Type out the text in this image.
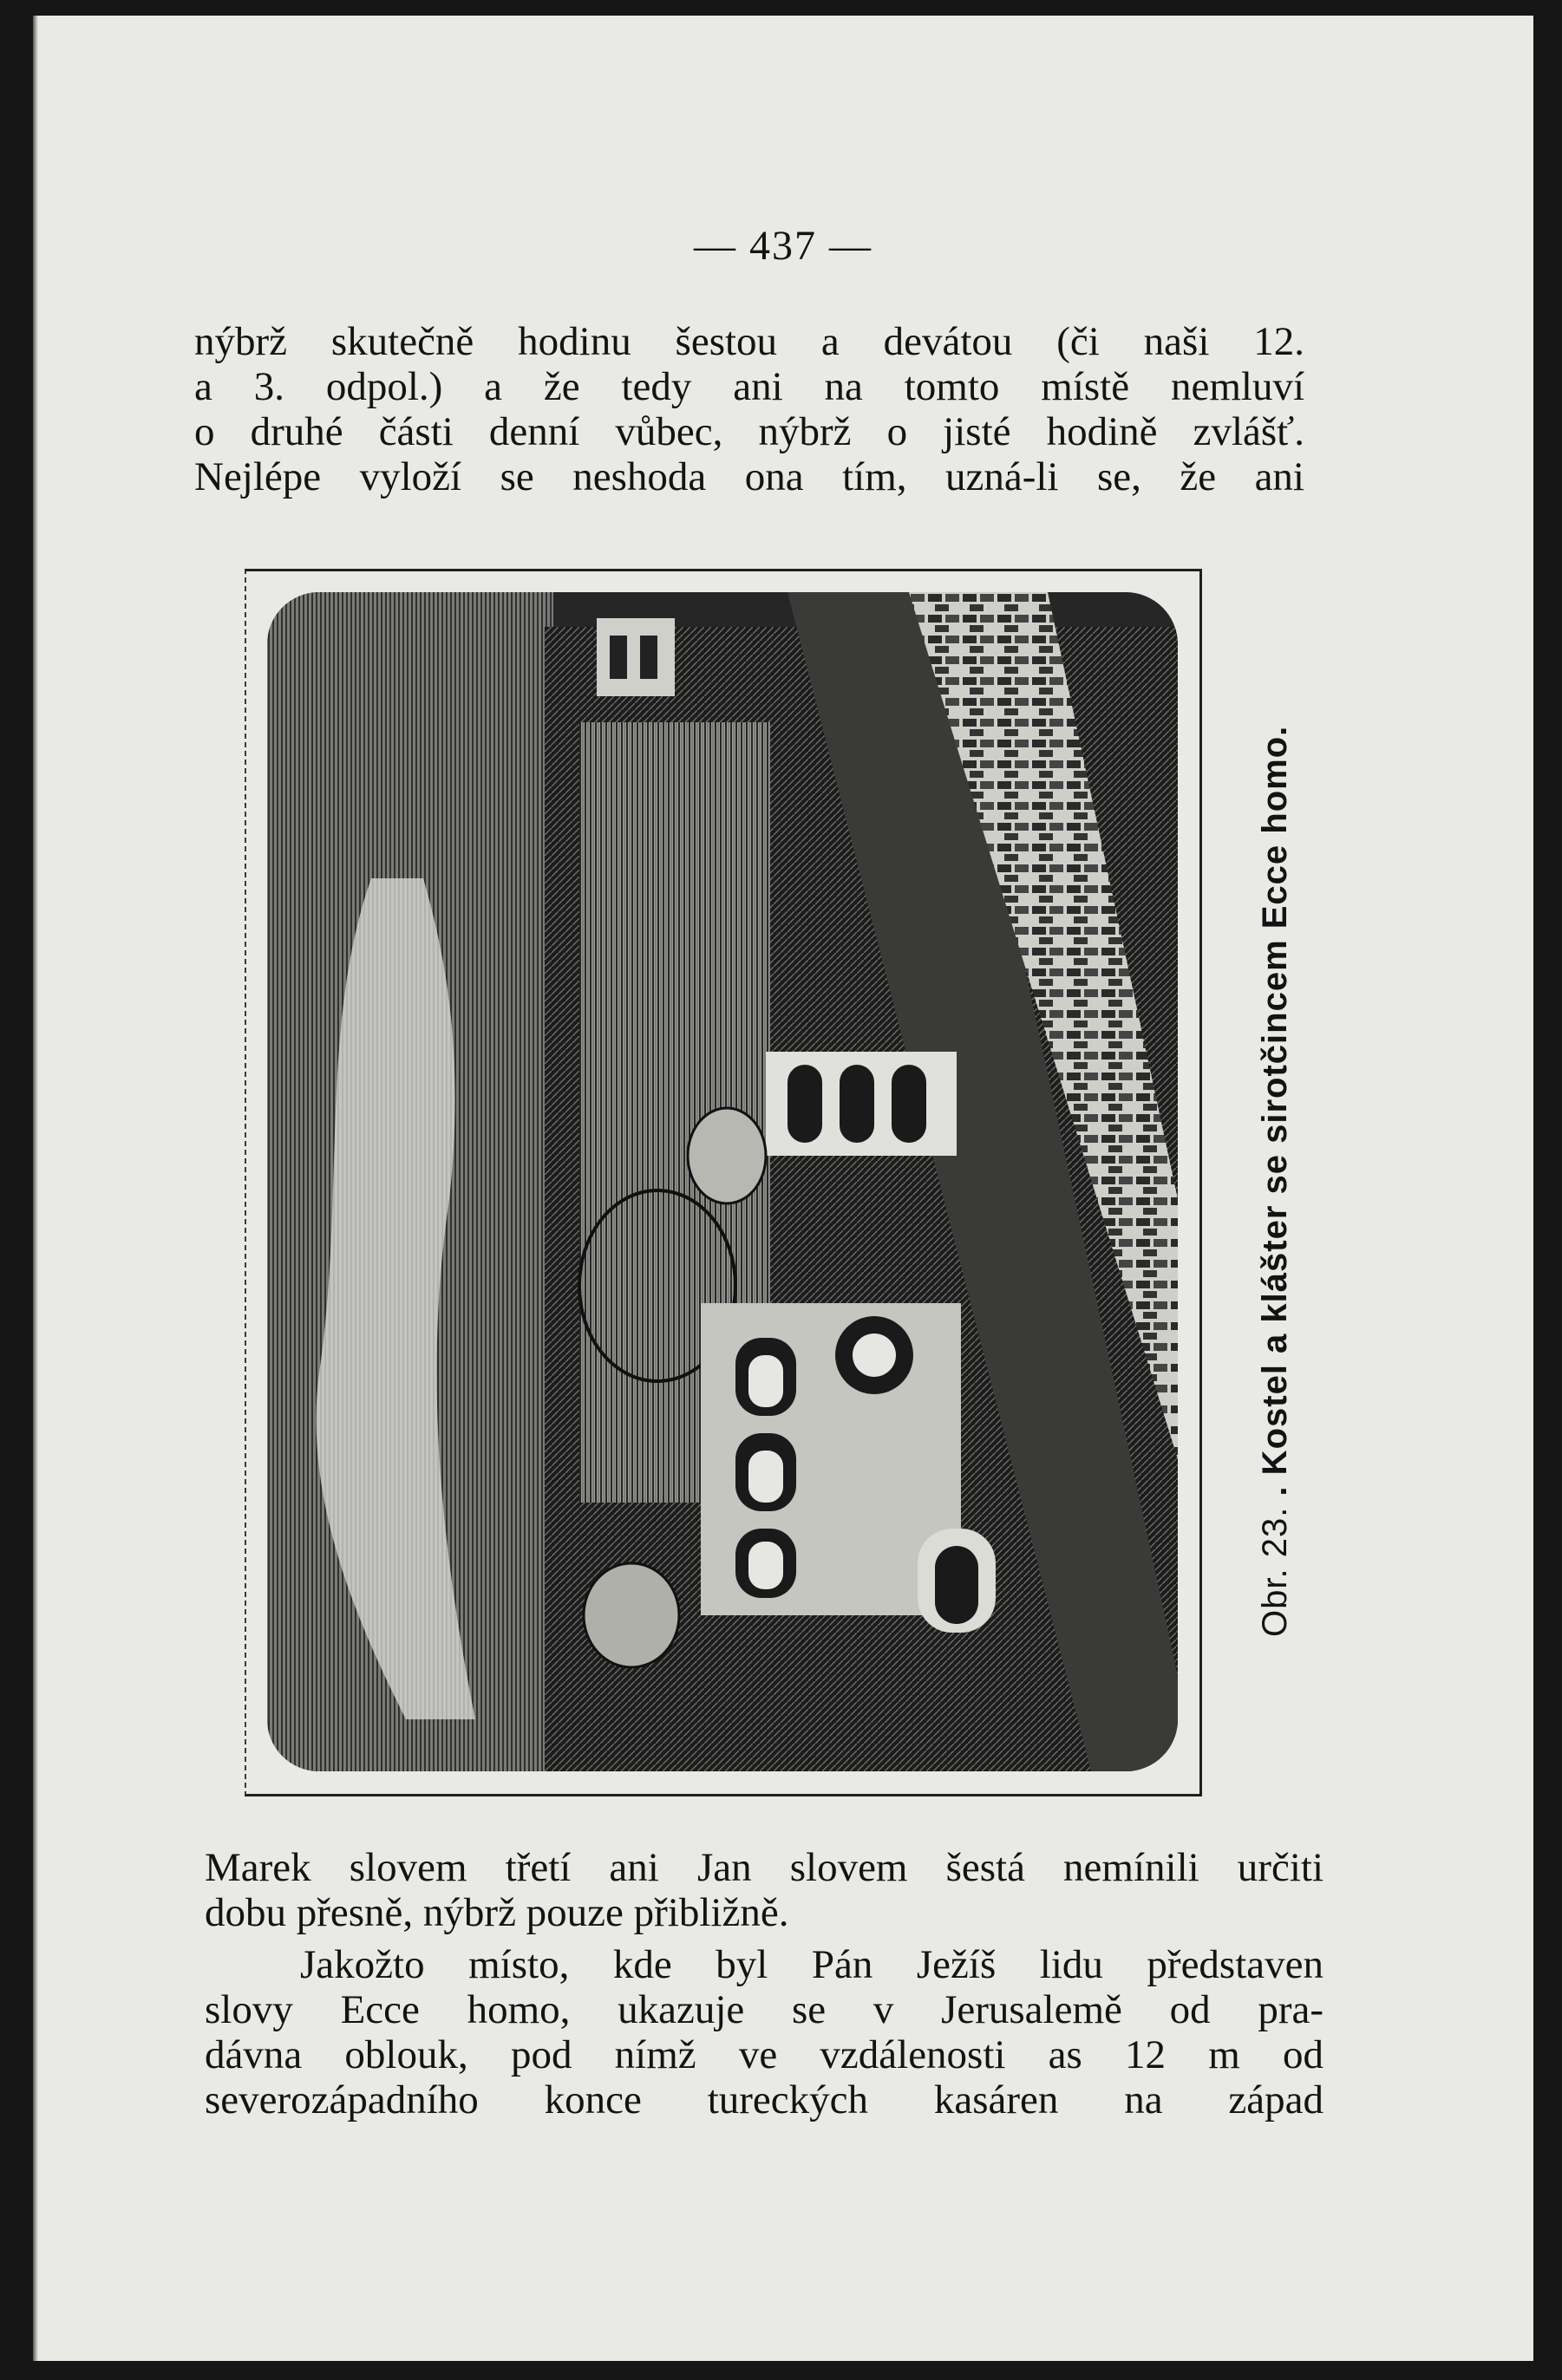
— 437 —

nýbrž skutečně hodinu šestou a devátou (či naši 12.
a 3. odpol.) a že tedy ani na tomto místě nemluví
o druhé části denní vůbec, nýbrž o jisté hodině zvlášť.
Nejlépe vyloží se neshoda ona tím, uzná-li se, že ani

Obr. 23. . Kostel a klášter se sirotčincem Ecce homo.

Marek slovem třetí ani Jan slovem šestá nemínili určiti
dobu přesně, nýbrž pouze přibližně.

Jakožto místo, kde byl Pán Ježíš lidu představen
slovy Ecce homo, ukazuje se v Jerusalemě od pra-
dávna oblouk, pod nímž ve vzdálenosti as 12 m od
severozápadního konce tureckých kasáren na západ
